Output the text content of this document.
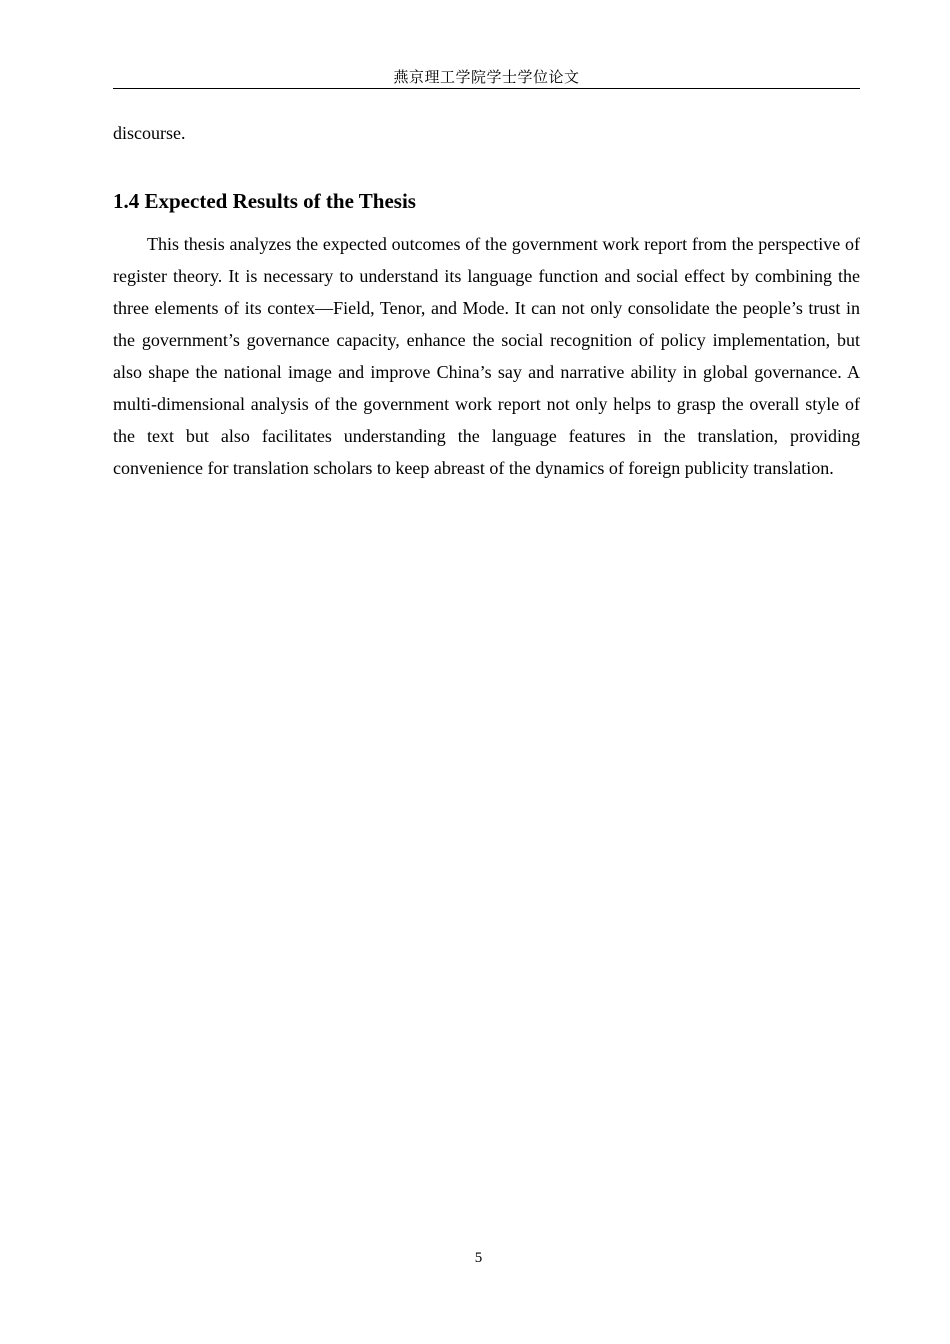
燕京理工学院学士学位论文

discourse.

1.4 Expected Results of the Thesis

This thesis analyzes the expected outcomes of the government work report from the perspective of register theory. It is necessary to understand its language function and social effect by combining the three elements of its contex—Field, Tenor, and Mode. It can not only consolidate the people’s trust in the government’s governance capacity, enhance the social recognition of policy implementation, but also shape the national image and improve China’s say and narrative ability in global governance. A multi-dimensional analysis of the government work report not only helps to grasp the overall style of the text but also facilitates understanding the language features in the translation, providing convenience for translation scholars to keep abreast of the dynamics of foreign publicity translation.

5
